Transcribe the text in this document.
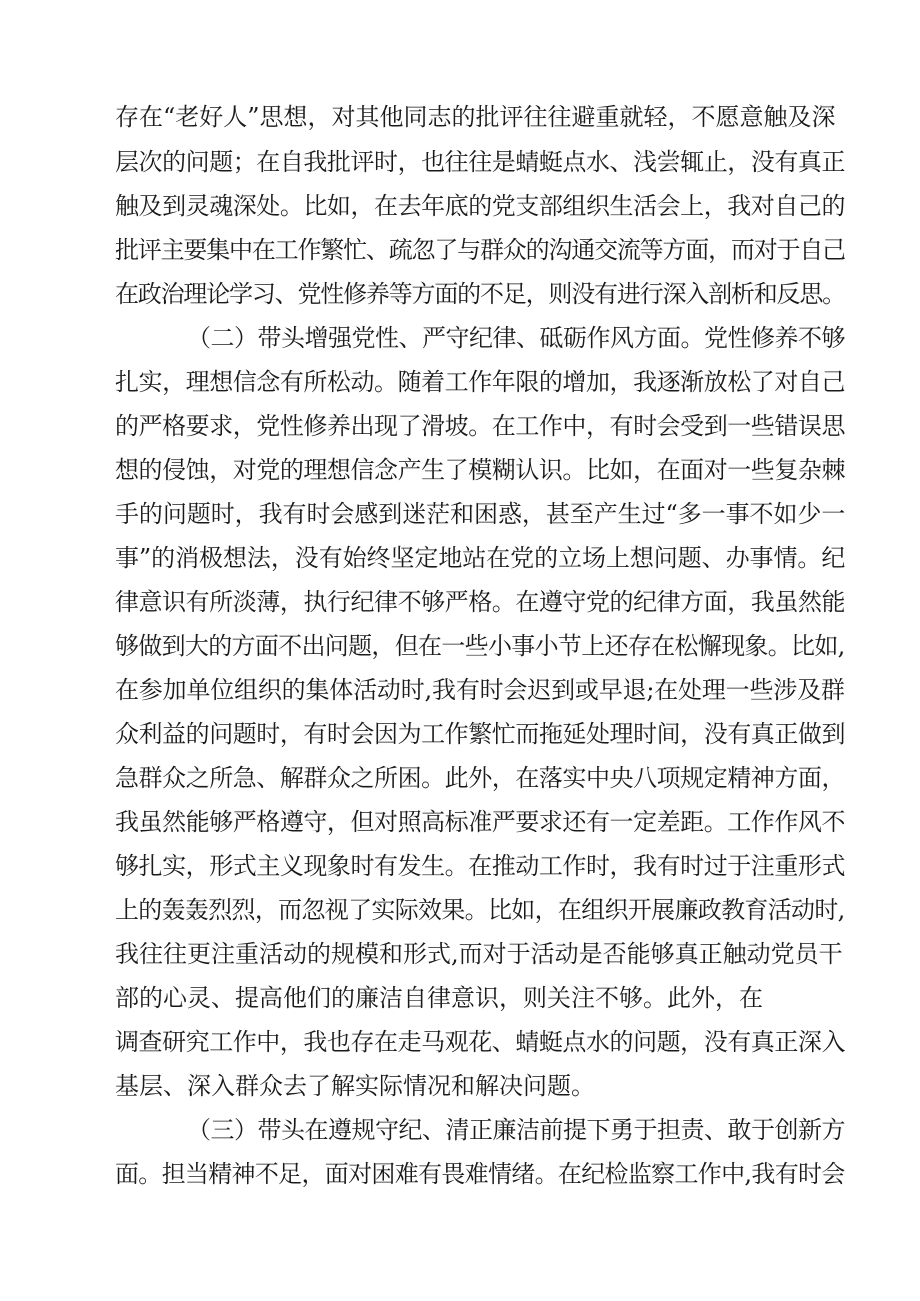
存在“老好人”思想，对其他同志的批评往往避重就轻，不愿意触及深
层次的问题；在自我批评时，也往往是蜻蜓点水、浅尝辄止，没有真正
触及到灵魂深处。比如，在去年底的党支部组织生活会上，我对自己的
批评主要集中在工作繁忙、疏忽了与群众的沟通交流等方面，而对于自己
在政治理论学习、党性修养等方面的不足，则没有进行深入剖析和反思。
（二）带头增强党性、严守纪律、砥砺作风方面。党性修养不够
扎实，理想信念有所松动。随着工作年限的增加，我逐渐放松了对自己
的严格要求，党性修养出现了滑坡。在工作中，有时会受到一些错误思
想的侵蚀，对党的理想信念产生了模糊认识。比如，在面对一些复杂棘
手的问题时，我有时会感到迷茫和困惑，甚至产生过“多一事不如少一
事”的消极想法，没有始终坚定地站在党的立场上想问题、办事情。纪
律意识有所淡薄，执行纪律不够严格。在遵守党的纪律方面，我虽然能
够做到大的方面不出问题，但在一些小事小节上还存在松懈现象。比如,
在参加单位组织的集体活动时,我有时会迟到或早退;在处理一些涉及群
众利益的问题时，有时会因为工作繁忙而拖延处理时间，没有真正做到
急群众之所急、解群众之所困。此外，在落实中央八项规定精神方面，
我虽然能够严格遵守，但对照高标准严要求还有一定差距。工作作风不
够扎实，形式主义现象时有发生。在推动工作时，我有时过于注重形式
上的轰轰烈烈，而忽视了实际效果。比如，在组织开展廉政教育活动时,
我往往更注重活动的规模和形式,而对于活动是否能够真正触动党员干
部的心灵、提高他们的廉洁自律意识，则关注不够。此外，在
调查研究工作中，我也存在走马观花、蜻蜓点水的问题，没有真正深入
基层、深入群众去了解实际情况和解决问题。
（三）带头在遵规守纪、清正廉洁前提下勇于担责、敢于创新方
面。担当精神不足，面对困难有畏难情绪。在纪检监察工作中,我有时会
